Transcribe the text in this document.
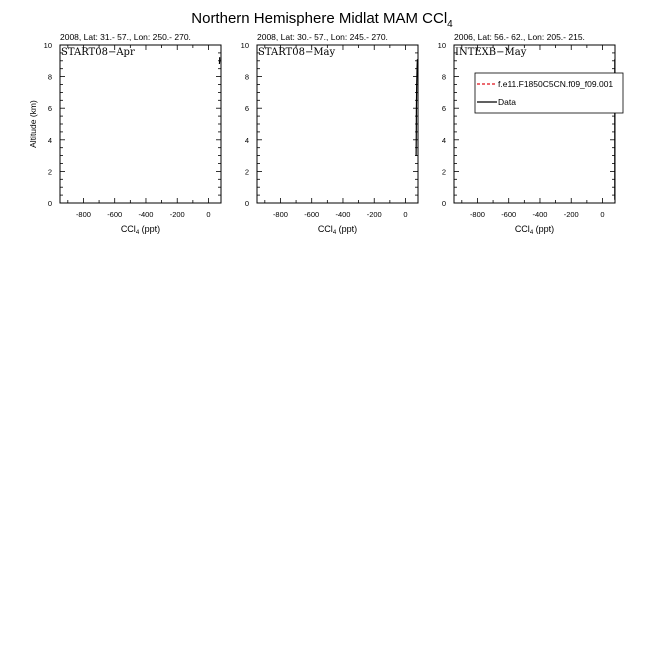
Northern Hemisphere Midlat MAM CCl$_4$
2008, Lat: 31.- 57., Lon: 250.- 270.
START08−Apr
-800 -600 -400 -200	0
0
2
4
6
8
10
CCl$_4$ (ppt)
Altitude (km)
2008, Lat: 30.- 57., Lon: 245.- 270.
START08−May
-800 -600 -400 -200	0
0
2
4
6
8
10
CCl$_4$ (ppt)
2006, Lat: 56.- 62., Lon: 205.- 215.
INTEXB−May
-800 -600 -400 -200	0
0
2
4
6
8
10
CCl$_4$ (ppt)
f.e11.F1850C5CN.f09_f09.001
Data
